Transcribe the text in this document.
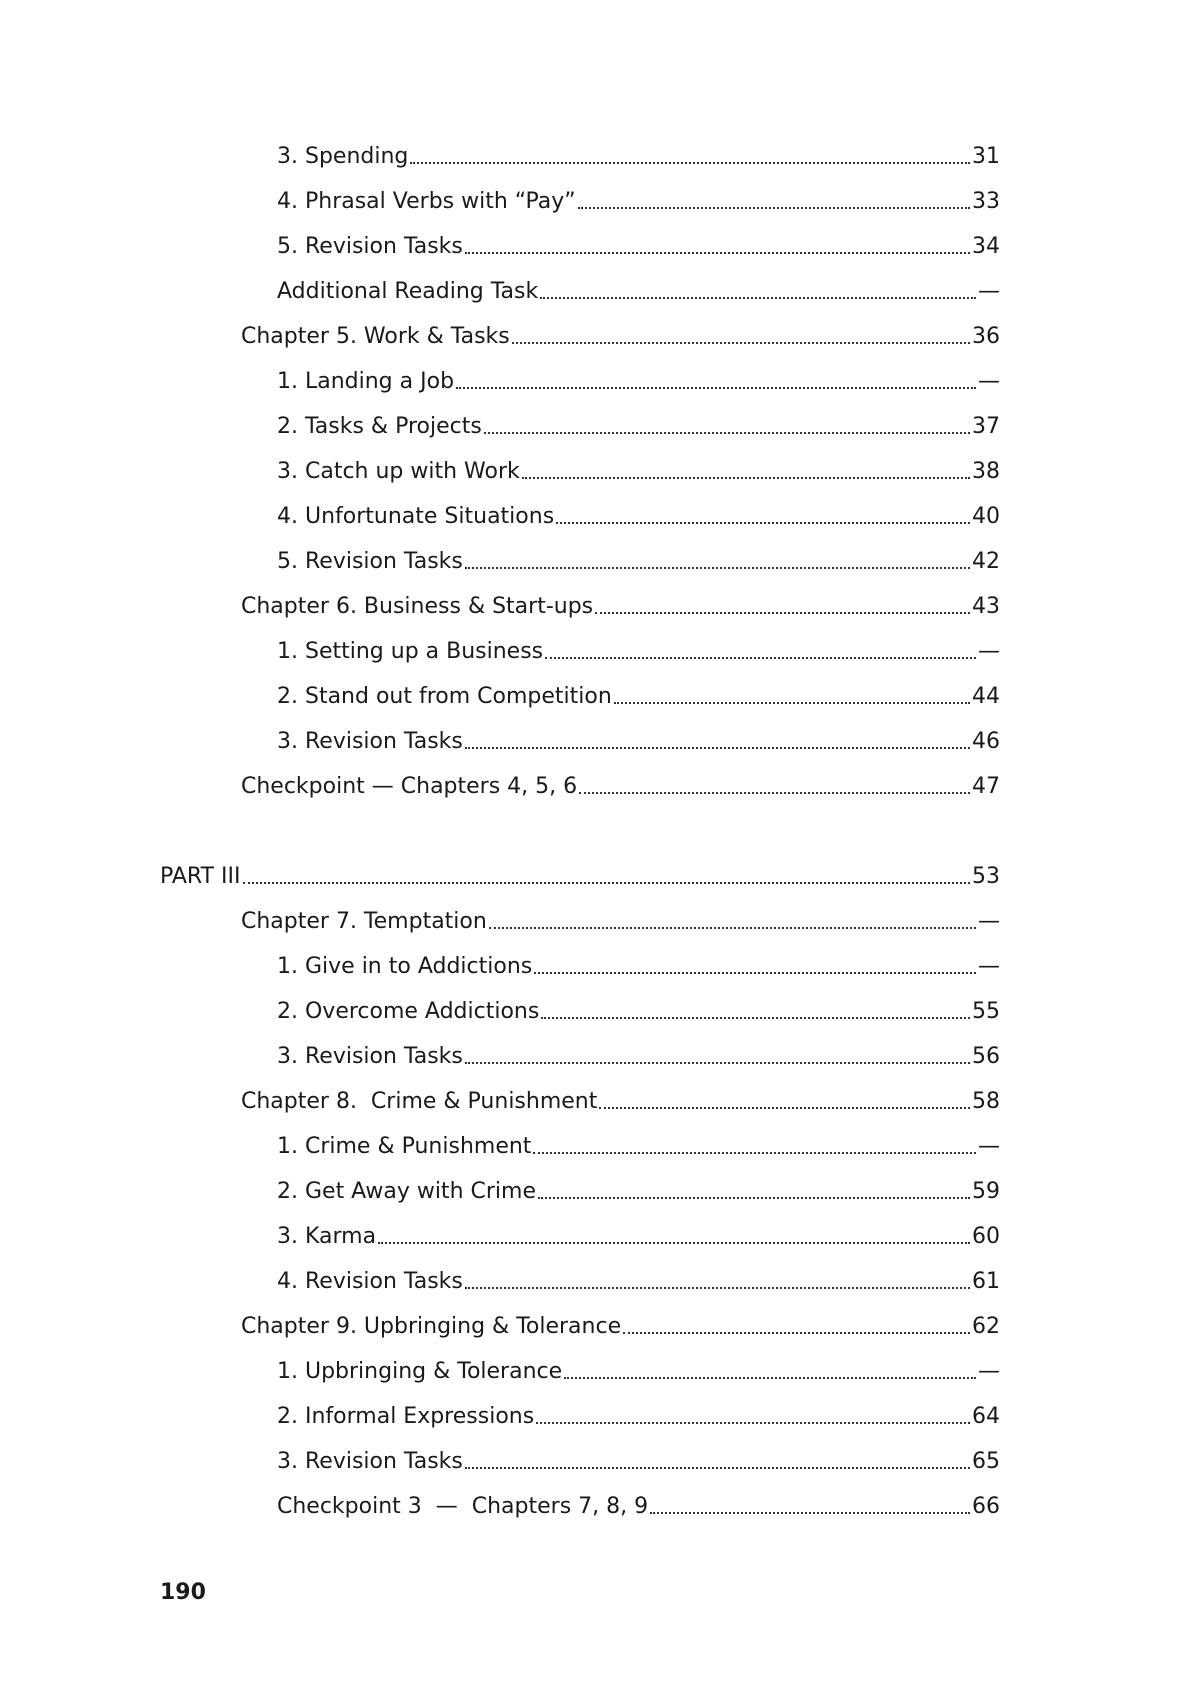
3. Spending	31
4. Phrasal Verbs with “Pay”	33
5. Revision Tasks	34
Additional Reading Task	—
Chapter 5. Work & Tasks	36
1. Landing a Job	—
2. Tasks & Projects	37
3. Catch up with Work	38
4. Unfortunate Situations	40
5. Revision Tasks	42
Chapter 6. Business & Start-ups	43
1. Setting up a Business	—
2. Stand out from Competition	44
3. Revision Tasks	46
Checkpoint — Chapters 4, 5, 6	47
PART III	53
Chapter 7. Temptation	—
1. Give in to Addictions	—
2. Overcome Addictions	55
3. Revision Tasks	56
Chapter 8.  Crime & Punishment	58
1. Crime & Punishment	—
2. Get Away with Crime	59
3. Karma	60
4. Revision Tasks	61
Chapter 9. Upbringing & Tolerance	62
1. Upbringing & Tolerance	—
2. Informal Expressions	64
3. Revision Tasks	65
Checkpoint 3  —  Chapters 7, 8, 9	66
190
